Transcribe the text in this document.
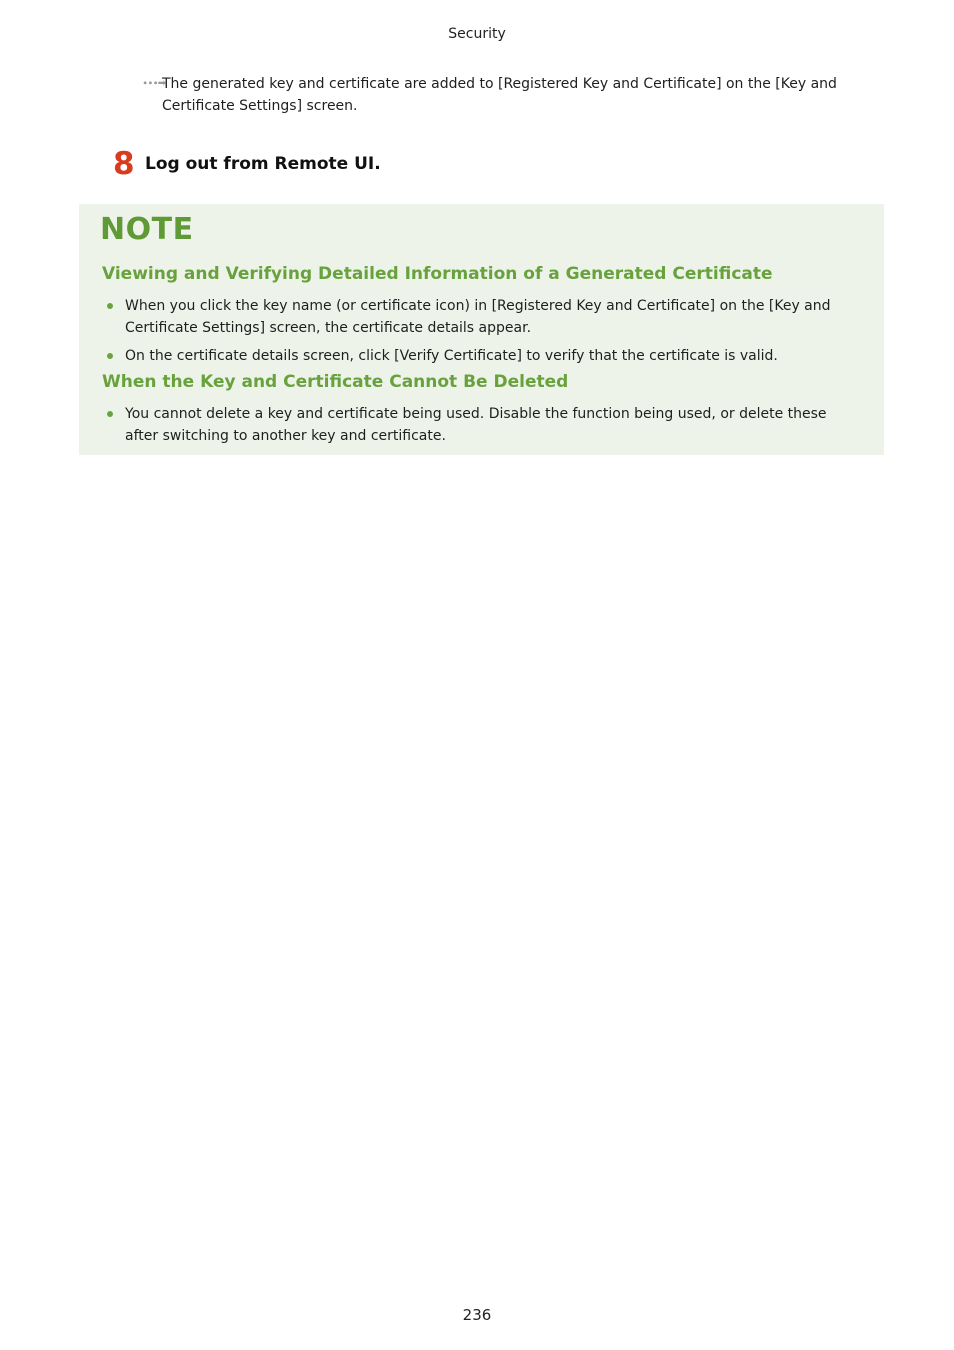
Security
∙∙∙➡
The generated key and certificate are added to [Registered Key and Certificate] on the [Key and Certificate Settings] screen.
8 Log out from Remote UI.
NOTE
Viewing and Verifying Detailed Information of a Generated Certificate
When you click the key name (or certificate icon) in [Registered Key and Certificate] on the [Key and Certificate Settings] screen, the certificate details appear.
On the certificate details screen, click [Verify Certificate] to verify that the certificate is valid.
When the Key and Certificate Cannot Be Deleted
You cannot delete a key and certificate being used. Disable the function being used, or delete these after switching to another key and certificate.
236
